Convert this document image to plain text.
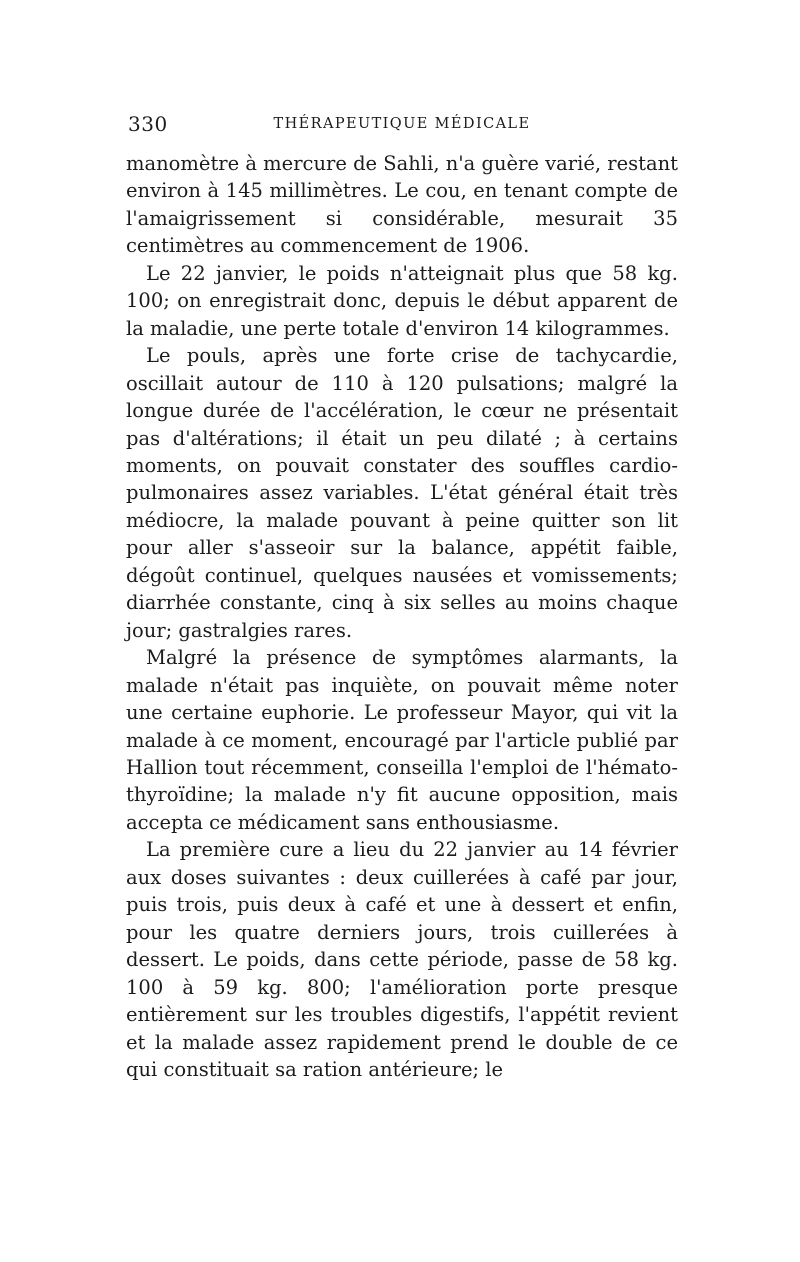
330	THÉRAPEUTIQUE MÉDICALE

manomètre à mercure de Sahli, n'a guère varié, restant environ à 145 millimètres. Le cou, en tenant compte de l'amaigrissement si considérable, mesurait 35 centimètres au commencement de 1906.

Le 22 janvier, le poids n'atteignait plus que 58 kg. 100; on enregistrait donc, depuis le début apparent de la maladie, une perte totale d'environ 14 kilogrammes.

Le pouls, après une forte crise de tachycardie, oscillait autour de 110 à 120 pulsations; malgré la longue durée de l'accélération, le cœur ne présentait pas d'altérations; il était un peu dilaté ; à certains moments, on pouvait constater des souffles cardio-pulmonaires assez variables. L'état général était très médiocre, la malade pouvant à peine quitter son lit pour aller s'asseoir sur la balance, appétit faible, dégoût continuel, quelques nausées et vomissements; diarrhée constante, cinq à six selles au moins chaque jour; gastralgies rares.

Malgré la présence de symptômes alarmants, la malade n'était pas inquiète, on pouvait même noter une certaine euphorie. Le professeur Mayor, qui vit la malade à ce moment, encouragé par l'article publié par Hallion tout récemment, conseilla l'emploi de l'hémato-thyroïdine; la malade n'y fit aucune opposition, mais accepta ce médicament sans enthousiasme.

La première cure a lieu du 22 janvier au 14 février aux doses suivantes : deux cuillerées à café par jour, puis trois, puis deux à café et une à dessert et enfin, pour les quatre derniers jours, trois cuillerées à dessert. Le poids, dans cette période, passe de 58 kg. 100 à 59 kg. 800; l'amélioration porte presque entièrement sur les troubles digestifs, l'appétit revient et la malade assez rapidement prend le double de ce qui constituait sa ration antérieure; le
